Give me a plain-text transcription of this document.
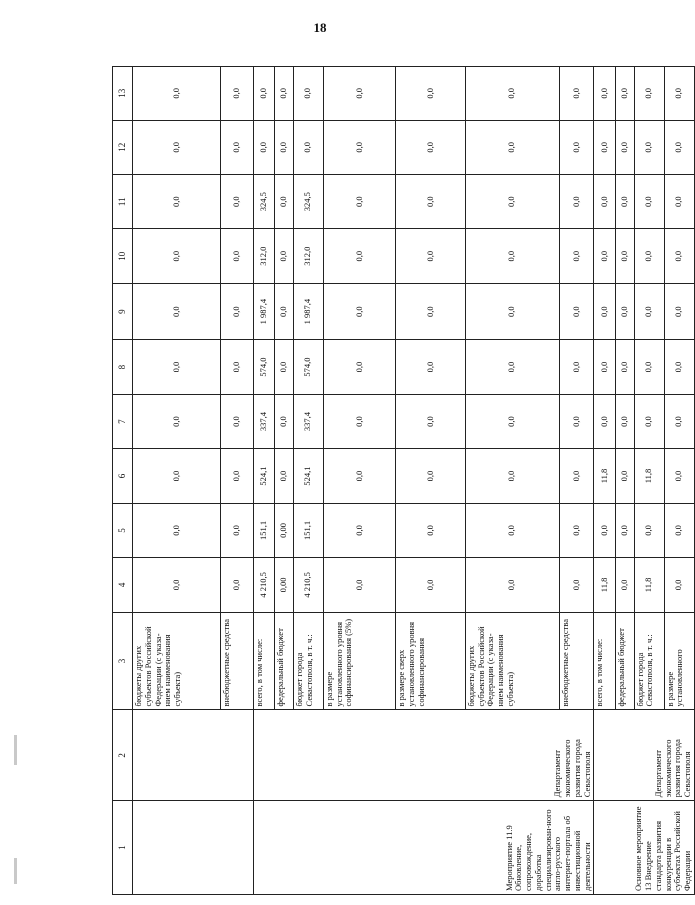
18
1	2	3	4	5	6	7	8	9	10	11	12	13
		бюджеты других субъектов Российской Федерации (с указа-нием наименования субъекта)	0,0	0,0	0,0	0,0	0,0	0,0	0,0	0,0	0,0	0,0
		внебюджетные средства	0,0	0,0	0,0	0,0	0,0	0,0	0,0	0,0	0,0	0,0
Мероприятие 11.9 Обновление, сопровождение, доработка специализирован-ного англо-русского интернет-портала об инвестиционной деятельности	Департамент экономического развития города Севастополя	всего, в том числе:	4 210,5	151,1	524,1	337,4	574,0	1 987,4	312,0	324,5	0,0	0,0
		федеральный бюджет	0,00	0,00	0,0	0,0	0,0	0,0	0,0	0,0	0,0	0,0
		бюджет города Севастополя, в т. ч.:	4 210,5	151,1	524,1	337,4	574,0	1 987,4	312,0	324,5	0,0	0,0
		в размере установленного уровня софинансирования (5%)	0,0	0,0	0,0	0,0	0,0	0,0	0,0	0,0	0,0	0,0
		в размере сверх установленного уровня софинансирования	0,0	0,0	0,0	0,0	0,0	0,0	0,0	0,0	0,0	0,0
		бюджеты других субъектов Российской Федерации (с указа-нием наименования субъекта)	0,0	0,0	0,0	0,0	0,0	0,0	0,0	0,0	0,0	0,0
		внебюджетные средства	0,0	0,0	0,0	0,0	0,0	0,0	0,0	0,0	0,0	0,0
Основное мероприятие 13 Внедрение стандарта развития конкуренции в субъектах Российской Федерации	Департамент экономического развития города Севастополя	всего, в том числе:	11,8	0,0	11,8	0,0	0,0	0,0	0,0	0,0	0,0	0,0
		федеральный бюджет	0,0	0,0	0,0	0,0	0,0	0,0	0,0	0,0	0,0	0,0
		бюджет города Севастополя, в т. ч.:	11,8	0,0	11,8	0,0	0,0	0,0	0,0	0,0	0,0	0,0
		в размере установленного	0,0	0,0	0,0	0,0	0,0	0,0	0,0	0,0	0,0	0,0
